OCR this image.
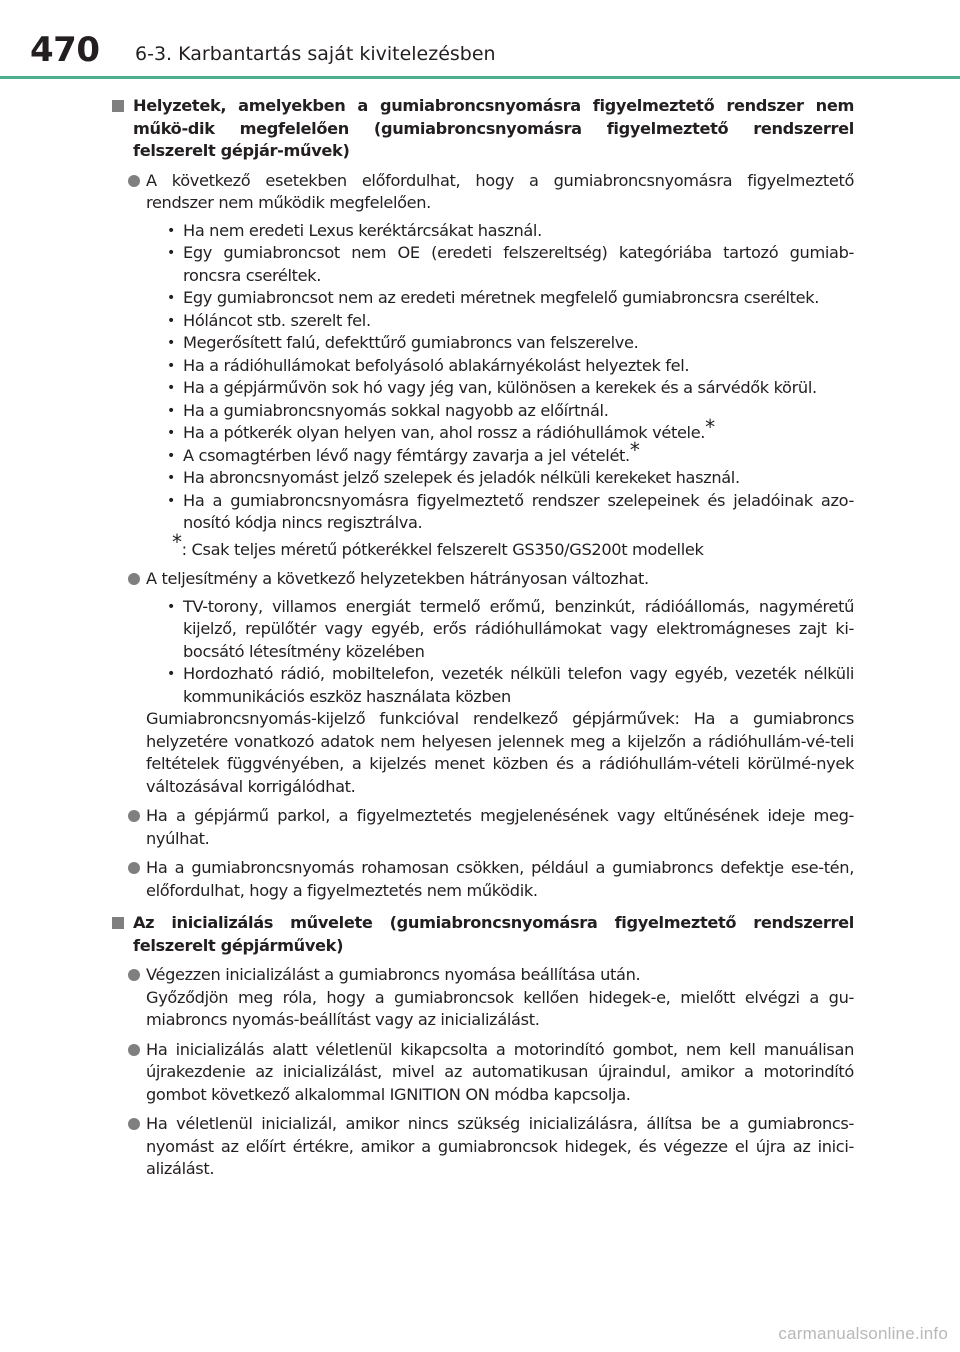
470 6-3. Karbantartás saját kivitelezésben
Helyzetek, amelyekben a gumiabroncsnyomásra figyelmeztető rendszer nem műkö-dik megfelelően (gumiabroncsnyomásra figyelmeztető rendszerrel felszerelt gépjár-művek)
A következő esetekben előfordulhat, hogy a gumiabroncsnyomásra figyelmeztető rendszer nem működik megfelelően.
• Ha nem eredeti Lexus keréktárcsákat használ.
• Egy gumiabroncsot nem OE (eredeti felszereltség) kategóriába tartozó gumiab-roncsra cseréltek.
• Egy gumiabroncsot nem az eredeti méretnek megfelelő gumiabroncsra cseréltek.
• Hóláncot stb. szerelt fel.
• Megerősített falú, defekttűrő gumiabroncs van felszerelve.
• Ha a rádióhullámokat befolyásoló ablakárnyékolást helyeztek fel.
• Ha a gépjárművön sok hó vagy jég van, különösen a kerekek és a sárvédők körül.
• Ha a gumiabroncsnyomás sokkal nagyobb az előírtnál.
• Ha a pótkerék olyan helyen van, ahol rossz a rádióhullámok vétele.*
• A csomagtérben lévő nagy fémtárgy zavarja a jel vételét.*
• Ha abroncsnyomást jelző szelepek és jeladók nélküli kerekeket használ.
• Ha a gumiabroncsnyomásra figyelmeztető rendszer szelepeinek és jeladóinak azo-nosító kódja nincs regisztrálva.
*: Csak teljes méretű pótkerékkel felszerelt GS350/GS200t modellek
A teljesítmény a következő helyzetekben hátrányosan változhat.
• TV-torony, villamos energiát termelő erőmű, benzinkút, rádióállomás, nagyméretű kijelző, repülőtér vagy egyéb, erős rádióhullámokat vagy elektromágneses zajt ki-bocsátó létesítmény közelében
• Hordozható rádió, mobiltelefon, vezeték nélküli telefon vagy egyéb, vezeték nélküli kommunikációs eszköz használata közben
Gumiabroncsnyomás-kijelző funkcióval rendelkező gépjárművek: Ha a gumiabroncs helyzetére vonatkozó adatok nem helyesen jelennek meg a kijelzőn a rádióhullám-vé-teli feltételek függvényében, a kijelzés menet közben és a rádióhullám-vételi körülmé-nyek változásával korrigálódhat.
Ha a gépjármű parkol, a figyelmeztetés megjelenésének vagy eltűnésének ideje meg-nyúlhat.
Ha a gumiabroncsnyomás rohamosan csökken, például a gumiabroncs defektje ese-tén, előfordulhat, hogy a figyelmeztetés nem működik.
Az inicializálás művelete (gumiabroncsnyomásra figyelmeztető rendszerrel felszerelt gépjárművek)
Végezzen inicializálást a gumiabroncs nyomása beállítása után.
Győződjön meg róla, hogy a gumiabroncsok kellően hidegek-e, mielőtt elvégzi a gu-miabroncs nyomás-beállítást vagy az inicializálást.
Ha inicializálás alatt véletlenül kikapcsolta a motorindító gombot, nem kell manuálisan újrakezdenie az inicializálást, mivel az automatikusan újraindul, amikor a motorindító gombot következő alkalommal IGNITION ON módba kapcsolja.
Ha véletlenül inicializál, amikor nincs szükség inicializálásra, állítsa be a gumiabroncs-nyomást az előírt értékre, amikor a gumiabroncsok hidegek, és végezze el újra az inici-alizálást.
carmanualsonline.info
